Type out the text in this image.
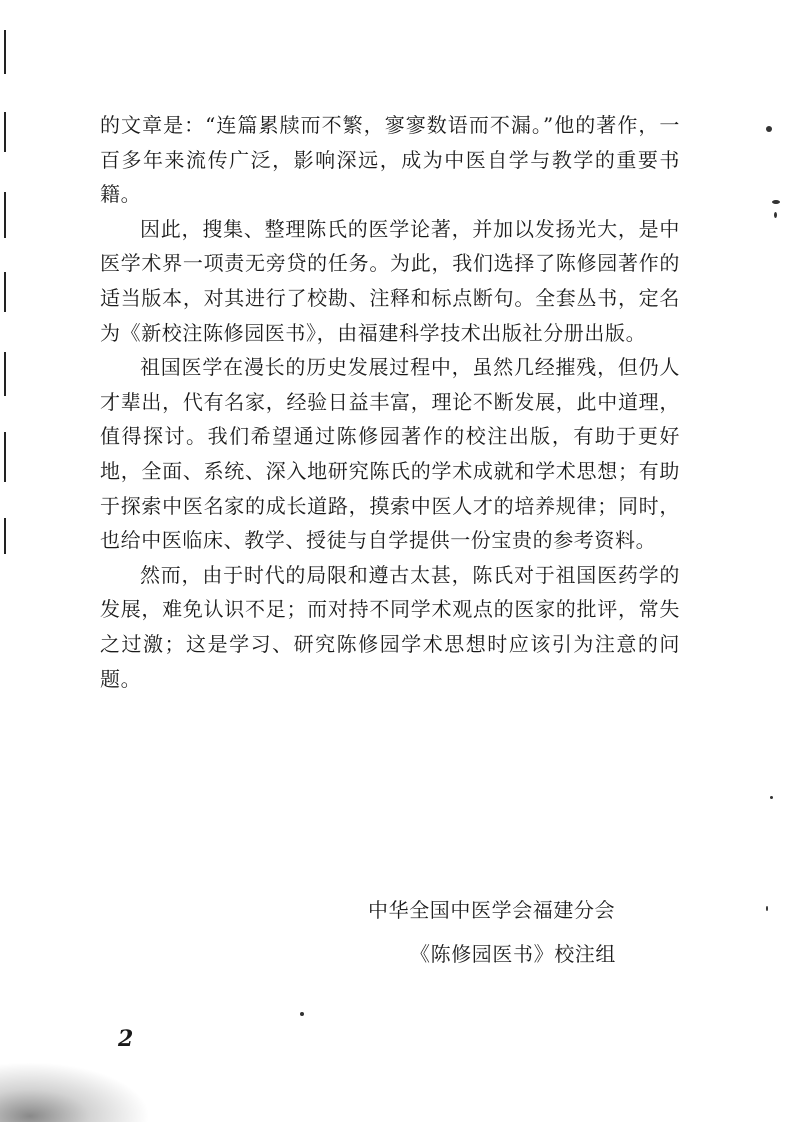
的文章是：“连篇累牍而不繁，寥寥数语而不漏。”他的著作，一百多年来流传广泛，影响深远，成为中医自学与教学的重要书籍。

因此，搜集、整理陈氏的医学论著，并加以发扬光大，是中医学术界一项责无旁贷的任务。为此，我们选择了陈修园著作的适当版本，对其进行了校勘、注释和标点断句。全套丛书，定名为《新校注陈修园医书》，由福建科学技术出版社分册出版。

祖国医学在漫长的历史发展过程中，虽然几经摧残，但仍人才辈出，代有名家，经验日益丰富，理论不断发展，此中道理，值得探讨。我们希望通过陈修园著作的校注出版，有助于更好地，全面、系统、深入地研究陈氏的学术成就和学术思想；有助于探索中医名家的成长道路，摸索中医人才的培养规律；同时，也给中医临床、教学、授徒与自学提供一份宝贵的参考资料。

然而，由于时代的局限和遵古太甚，陈氏对于祖国医药学的发展，难免认识不足；而对持不同学术观点的医家的批评，常失之过激；这是学习、研究陈修园学术思想时应该引为注意的问题。

中华全国中医学会福建分会
《陈修园医书》校注组
2
